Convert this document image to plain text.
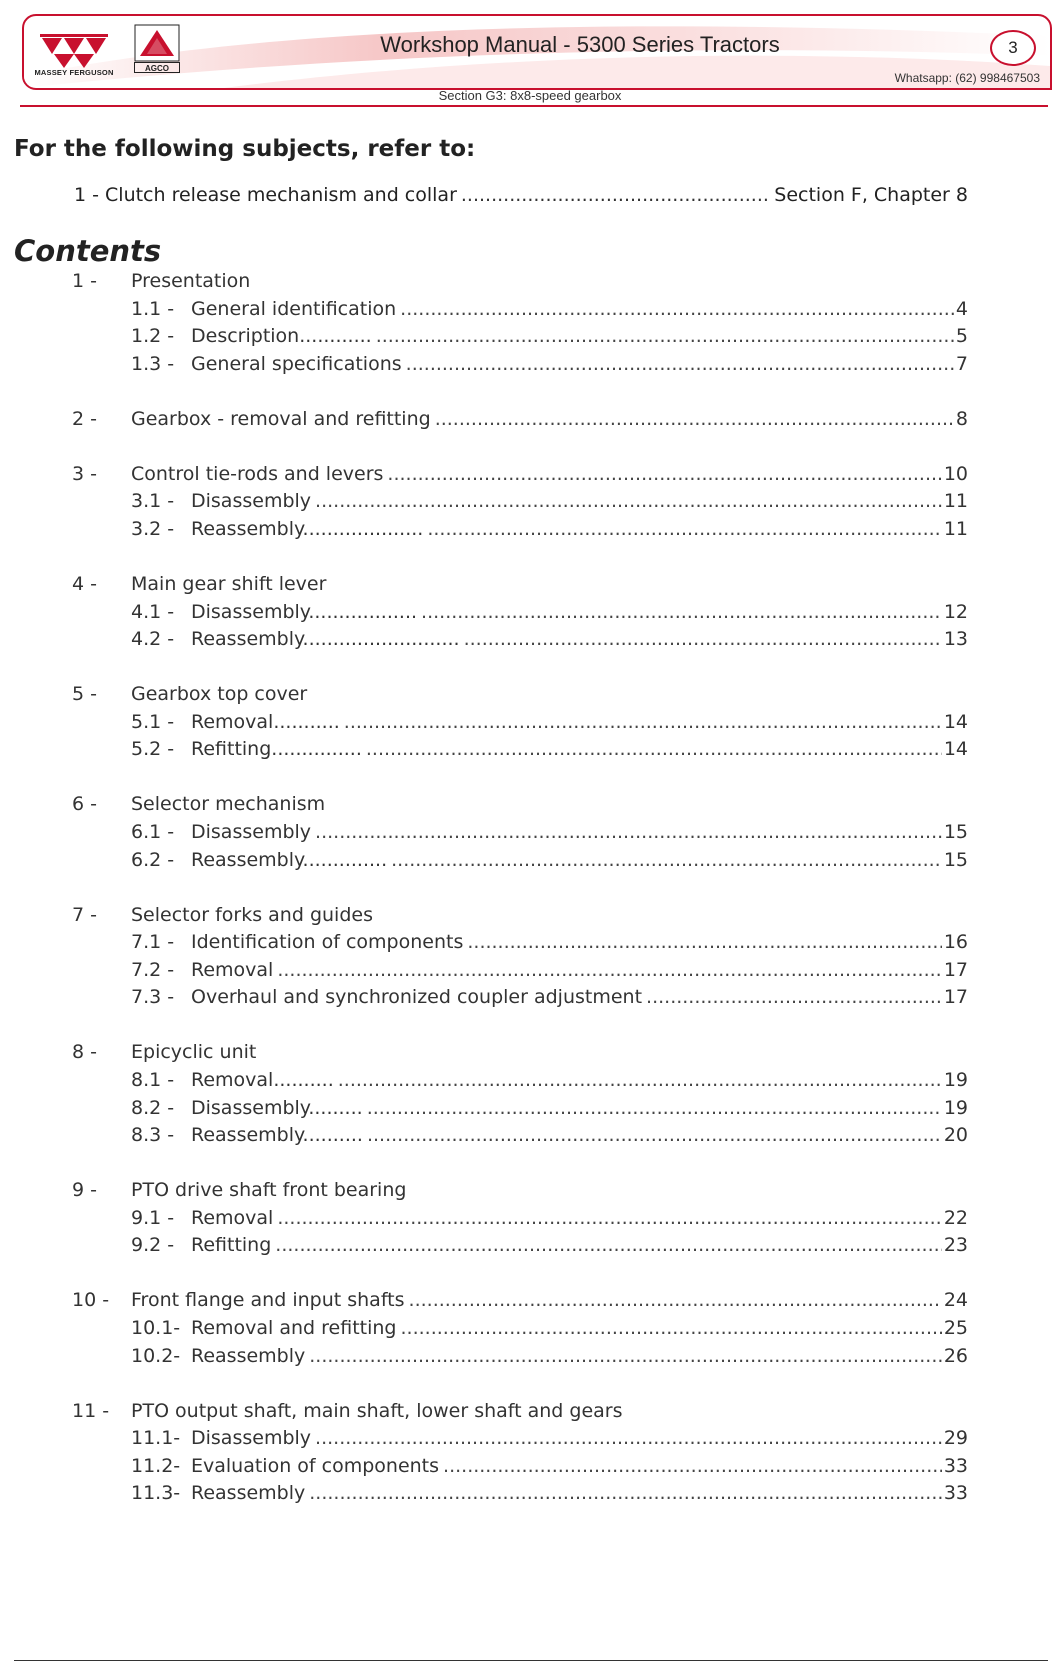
MASSEY FERGUSON	AGCO
Workshop Manual - 5300 Series Tractors	3
Whatsapp: (62) 998467503
Section G3: 8x8-speed gearbox
For the following subjects, refer to:
1 - Clutch release mechanism and collar .....	Section F, Chapter 8
Contents
1 - Presentation
1.1 - General identification .....	4
1.2 - Description............ .....	5
1.3 - General specifications .....	7
2 - Gearbox - removal and refitting .....	8
3 - Control tie-rods and levers .....	10
3.1 - Disassembly .....	11
3.2 - Reassembly.................... .....	11
4 - Main gear shift lever
4.1 - Disassembly.................. .....	12
4.2 - Reassembly.......................... .....	13
5 - Gearbox top cover
5.1 - Removal........... .....	14
5.2 - Refitting............... .....	14
6 - Selector mechanism
6.1 - Disassembly .....	15
6.2 - Reassembly.............. .....	15
7 - Selector forks and guides
7.1 - Identification of components .....	16
7.2 - Removal .....	17
7.3 - Overhaul and synchronized coupler adjustment .....	17
8 - Epicyclic unit
8.1 - Removal.......... .....	19
8.2 - Disassembly......... .....	19
8.3 - Reassembly.......... .....	20
9 - PTO drive shaft front bearing
9.1 - Removal .....	22
9.2 - Refitting .....	23
10 - Front flange and input shafts .....	24
10.1- Removal and refitting .....	25
10.2- Reassembly .....	26
11 - PTO output shaft, main shaft, lower shaft and gears
11.1- Disassembly .....	29
11.2- Evaluation of components .....	33
11.3- Reassembly .....	33
